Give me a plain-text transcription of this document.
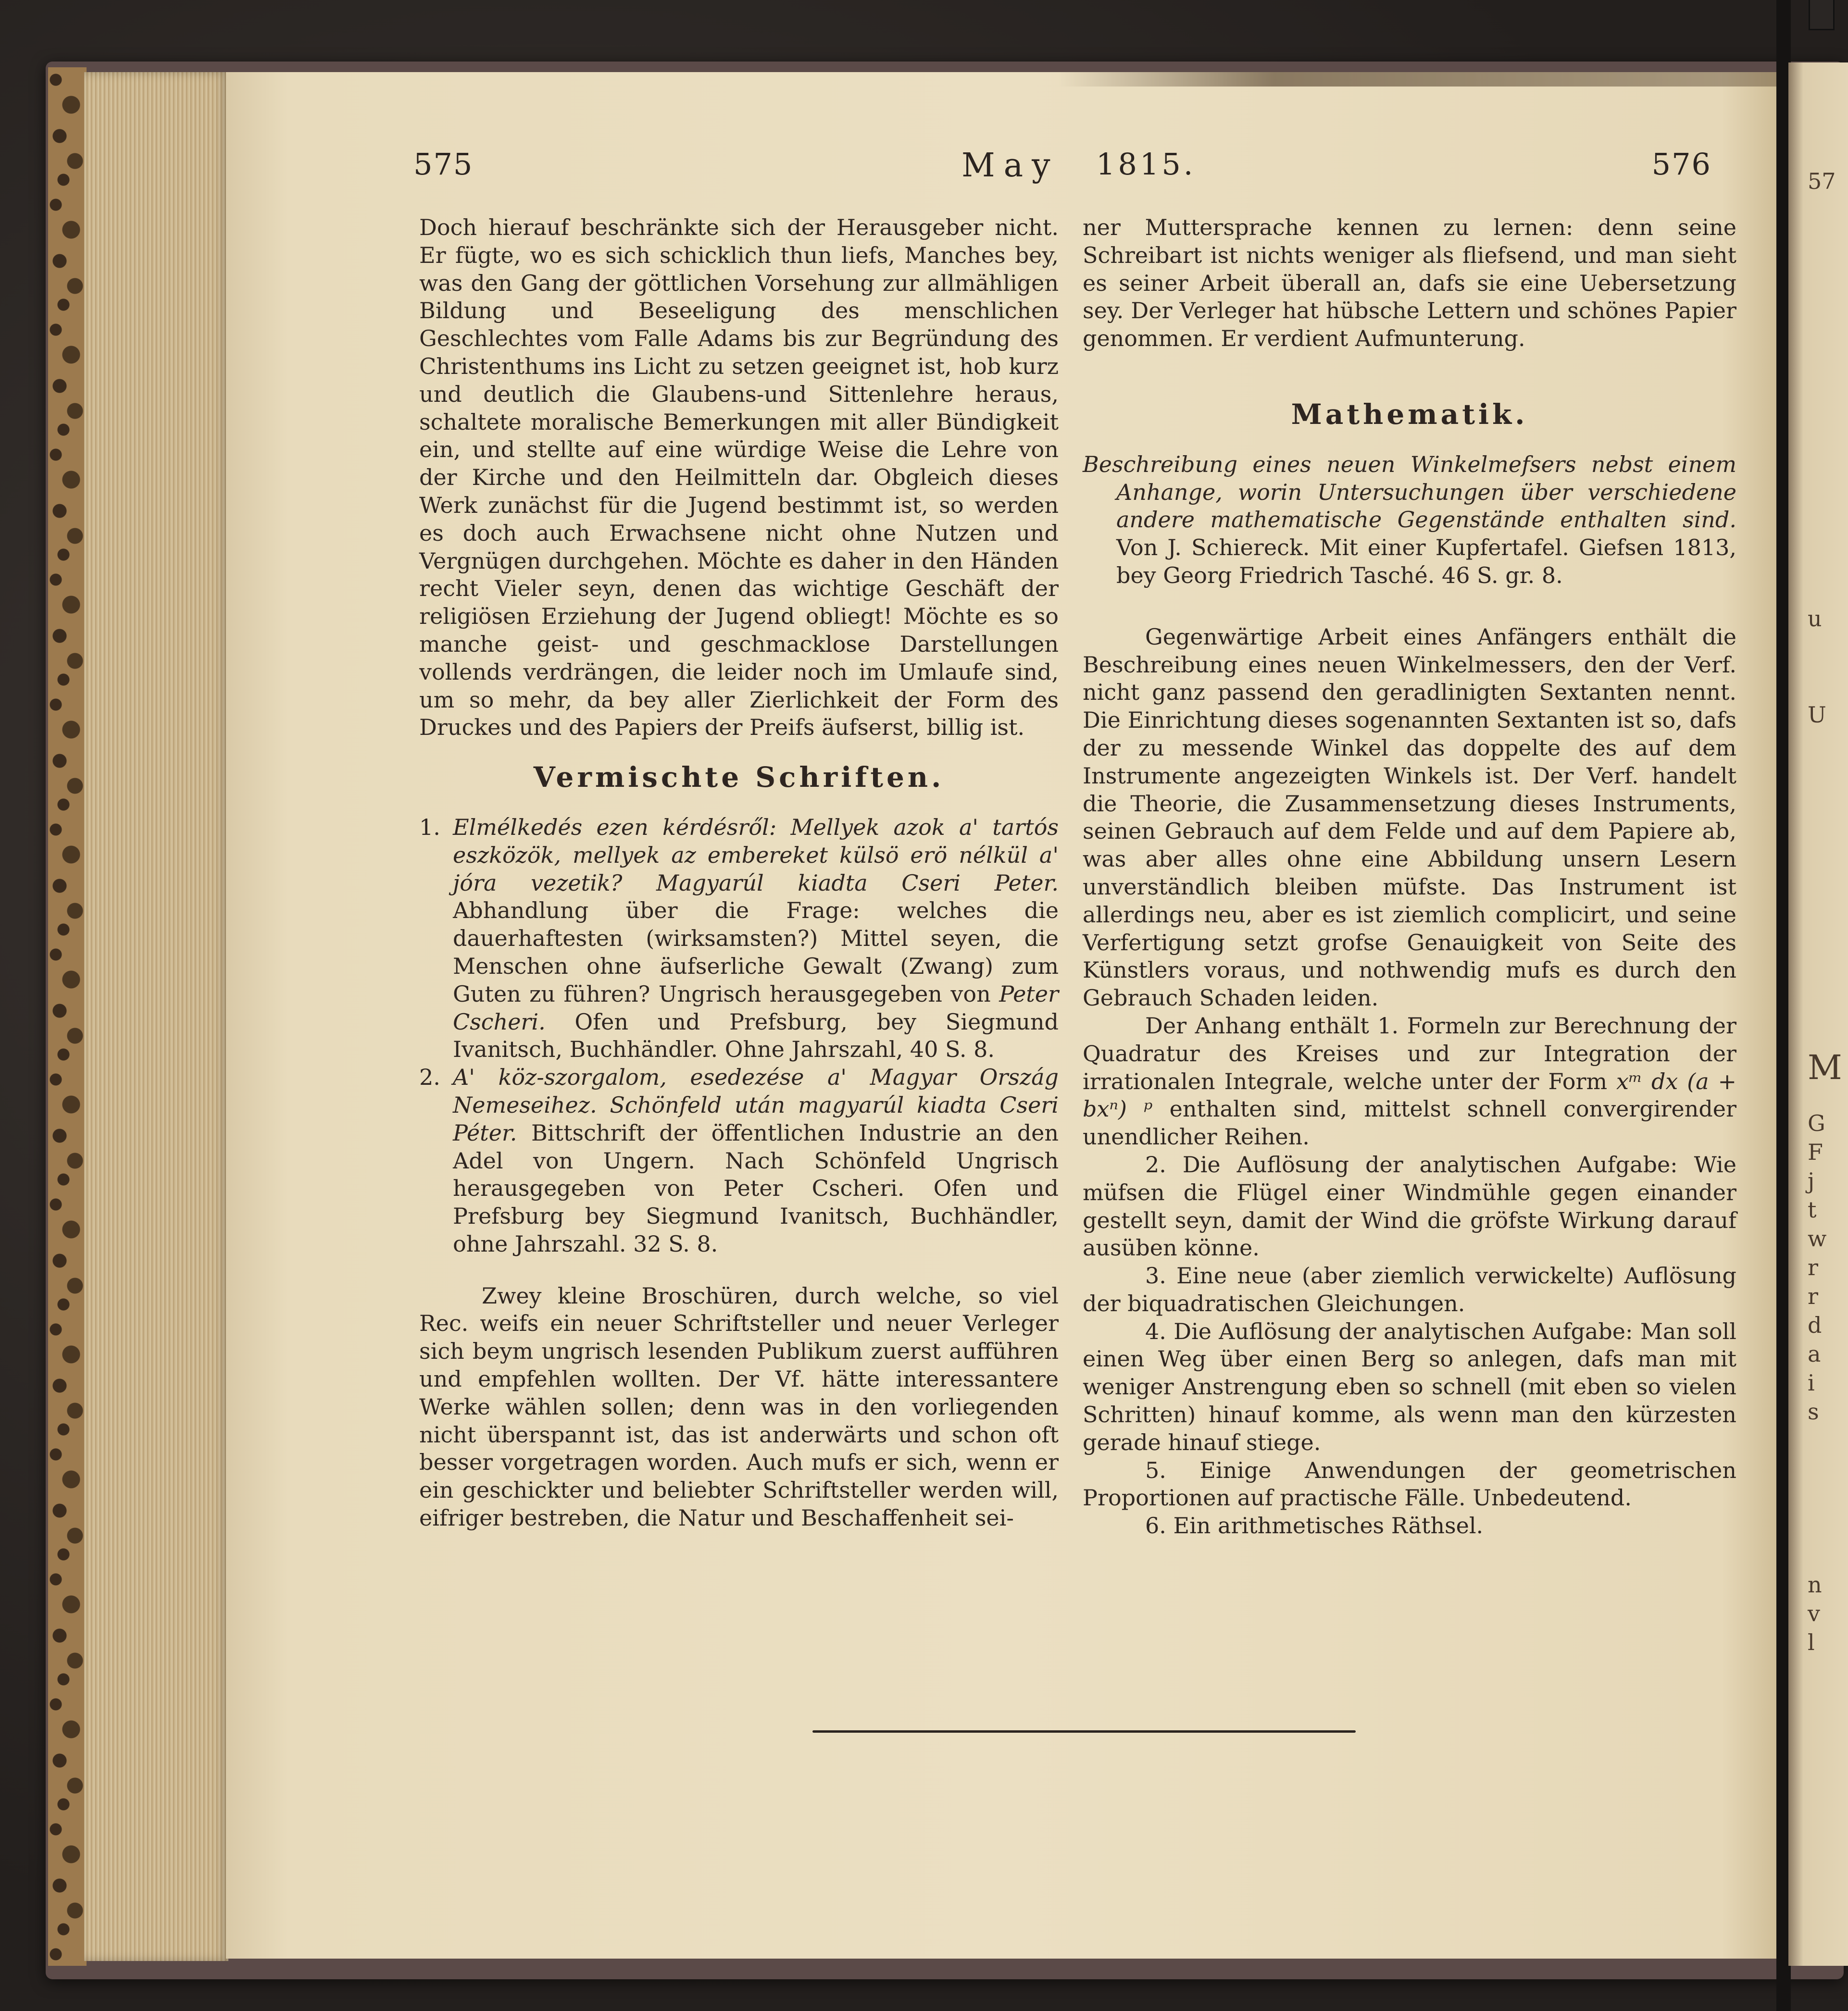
57
u
U
M
G
F
j
t
w
r
r
d
a
i
s
n
v
l
575	May 1815.	576

Doch hierauf beschränkte sich der Herausgeber nicht. Er fügte, wo es sich schicklich thun liefs, Manches bey, was den Gang der göttlichen Vorsehung zur allmähligen Bildung und Beseeligung des menschlichen Geschlechtes vom Falle Adams bis zur Begründung des Christenthums ins Licht zu setzen geeignet ist, hob kurz und deutlich die Glaubens-und Sittenlehre heraus, schaltete moralische Bemerkungen mit aller Bündigkeit ein, und stellte auf eine würdige Weise die Lehre von der Kirche und den Heilmitteln dar. Obgleich dieses Werk zunächst für die Jugend bestimmt ist, so werden es doch auch Erwachsene nicht ohne Nutzen und Vergnügen durchgehen. Möchte es daher in den Händen recht Vieler seyn, denen das wichtige Geschäft der religiösen Erziehung der Jugend obliegt! Möchte es so manche geist- und geschmacklose Darstellungen vollends verdrängen, die leider noch im Umlaufe sind, um so mehr, da bey aller Zierlichkeit der Form des Druckes und des Papiers der Preifs äufserst, billig ist.

Vermischte Schriften.
1. Elmélkedés ezen kérdésről: Mellyek azok a' tartós eszközök, mellyek az embereket külsö erö nélkül a' jóra vezetik? Magyarúl kiadta Cseri Peter. Abhandlung über die Frage: welches die dauerhaftesten (wirksamsten?) Mittel seyen, die Menschen ohne äufserliche Gewalt (Zwang) zum Guten zu führen? Ungrisch herausgegeben von Peter Cscheri. Ofen und Prefsburg, bey Siegmund Ivanitsch, Buchhändler. Ohne Jahrszahl, 40 S. 8.
2. A' köz-szorgalom, esedezése a' Magyar Ország Nemeseihez. Schönfeld után magyarúl kiadta Cseri Péter. Bittschrift der öffentlichen Industrie an den Adel von Ungern. Nach Schönfeld Ungrisch herausgegeben von Peter Cscheri. Ofen und Prefsburg bey Siegmund Ivanitsch, Buchhändler, ohne Jahrszahl. 32 S. 8.

Zwey kleine Broschüren, durch welche, so viel Rec. weifs ein neuer Schriftsteller und neuer Verleger sich beym ungrisch lesenden Publikum zuerst aufführen und empfehlen wollten. Der Vf. hätte interessantere Werke wählen sollen; denn was in den vorliegenden nicht überspannt ist, das ist anderwärts und schon oft besser vorgetragen worden. Auch mufs er sich, wenn er ein geschickter und beliebter Schriftsteller werden will, eifriger bestreben, die Natur und Beschaffenheit sei-

ner Muttersprache kennen zu lernen: denn seine Schreibart ist nichts weniger als fliefsend, und man sieht es seiner Arbeit überall an, dafs sie eine Uebersetzung sey. Der Verleger hat hübsche Lettern und schönes Papier genommen. Er verdient Aufmunterung.

Mathematik.

Beschreibung eines neuen Winkelmefsers nebst einem Anhange, worin Untersuchungen über verschiedene andere mathematische Gegenstände enthalten sind. Von J. Schiereck. Mit einer Kupfertafel. Giefsen 1813, bey Georg Friedrich Tasché. 46 S. gr. 8.

Gegenwärtige Arbeit eines Anfängers enthält die Beschreibung eines neuen Winkelmessers, den der Verf. nicht ganz passend den geradlinigten Sextanten nennt. Die Einrichtung dieses sogenannten Sextanten ist so, dafs der zu messende Winkel das doppelte des auf dem Instrumente angezeigten Winkels ist. Der Verf. handelt die Theorie, die Zusammensetzung dieses Instruments, seinen Gebrauch auf dem Felde und auf dem Papiere ab, was aber alles ohne eine Abbildung unsern Lesern unverständlich bleiben müfste. Das Instrument ist allerdings neu, aber es ist ziemlich complicirt, und seine Verfertigung setzt grofse Genauigkeit von Seite des Künstlers voraus, und nothwendig mufs es durch den Gebrauch Schaden leiden.

Der Anhang enthält 1. Formeln zur Berechnung der Quadratur des Kreises und zur Integration der irrationalen Integrale, welche unter der Form xᵐ dx (a + bxⁿ) ᵖ enthalten sind, mittelst schnell convergirender unendlicher Reihen.

2. Die Auflösung der analytischen Aufgabe: Wie müfsen die Flügel einer Windmühle gegen einander gestellt seyn, damit der Wind die gröfste Wirkung darauf ausüben könne.

3. Eine neue (aber ziemlich verwickelte) Auflösung der biquadratischen Gleichungen.

4. Die Auflösung der analytischen Aufgabe: Man soll einen Weg über einen Berg so anlegen, dafs man mit weniger Anstrengung eben so schnell (mit eben so vielen Schritten) hinauf komme, als wenn man den kürzesten gerade hinauf stiege.

5. Einige Anwendungen der geometrischen Proportionen auf practische Fälle. Unbedeutend.

6. Ein arithmetisches Räthsel.
